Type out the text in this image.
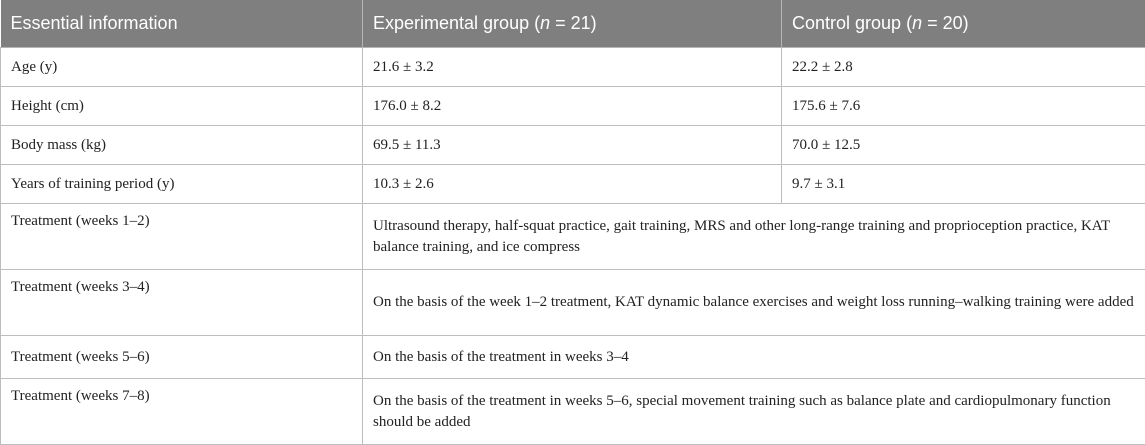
Essential information	Experimental group (n = 21)	Control group (n = 20)
Age (y)	21.6 ± 3.2	22.2 ± 2.8
Height (cm)	176.0 ± 8.2	175.6 ± 7.6
Body mass (kg)	69.5 ± 11.3	70.0 ± 12.5
Years of training period (y)	10.3 ± 2.6	9.7 ± 3.1
Treatment (weeks 1–2)	Ultrasound therapy, half-squat practice, gait training, MRS and other long-range training and proprioception practice, KAT balance training, and ice compress	
Treatment (weeks 3–4)	On the basis of the week 1–2 treatment, KAT dynamic balance exercises and weight loss running–walking training were added	
Treatment (weeks 5–6)	On the basis of the treatment in weeks 3–4	
Treatment (weeks 7–8)	On the basis of the treatment in weeks 5–6, special movement training such as balance plate and cardiopulmonary function should be added	
